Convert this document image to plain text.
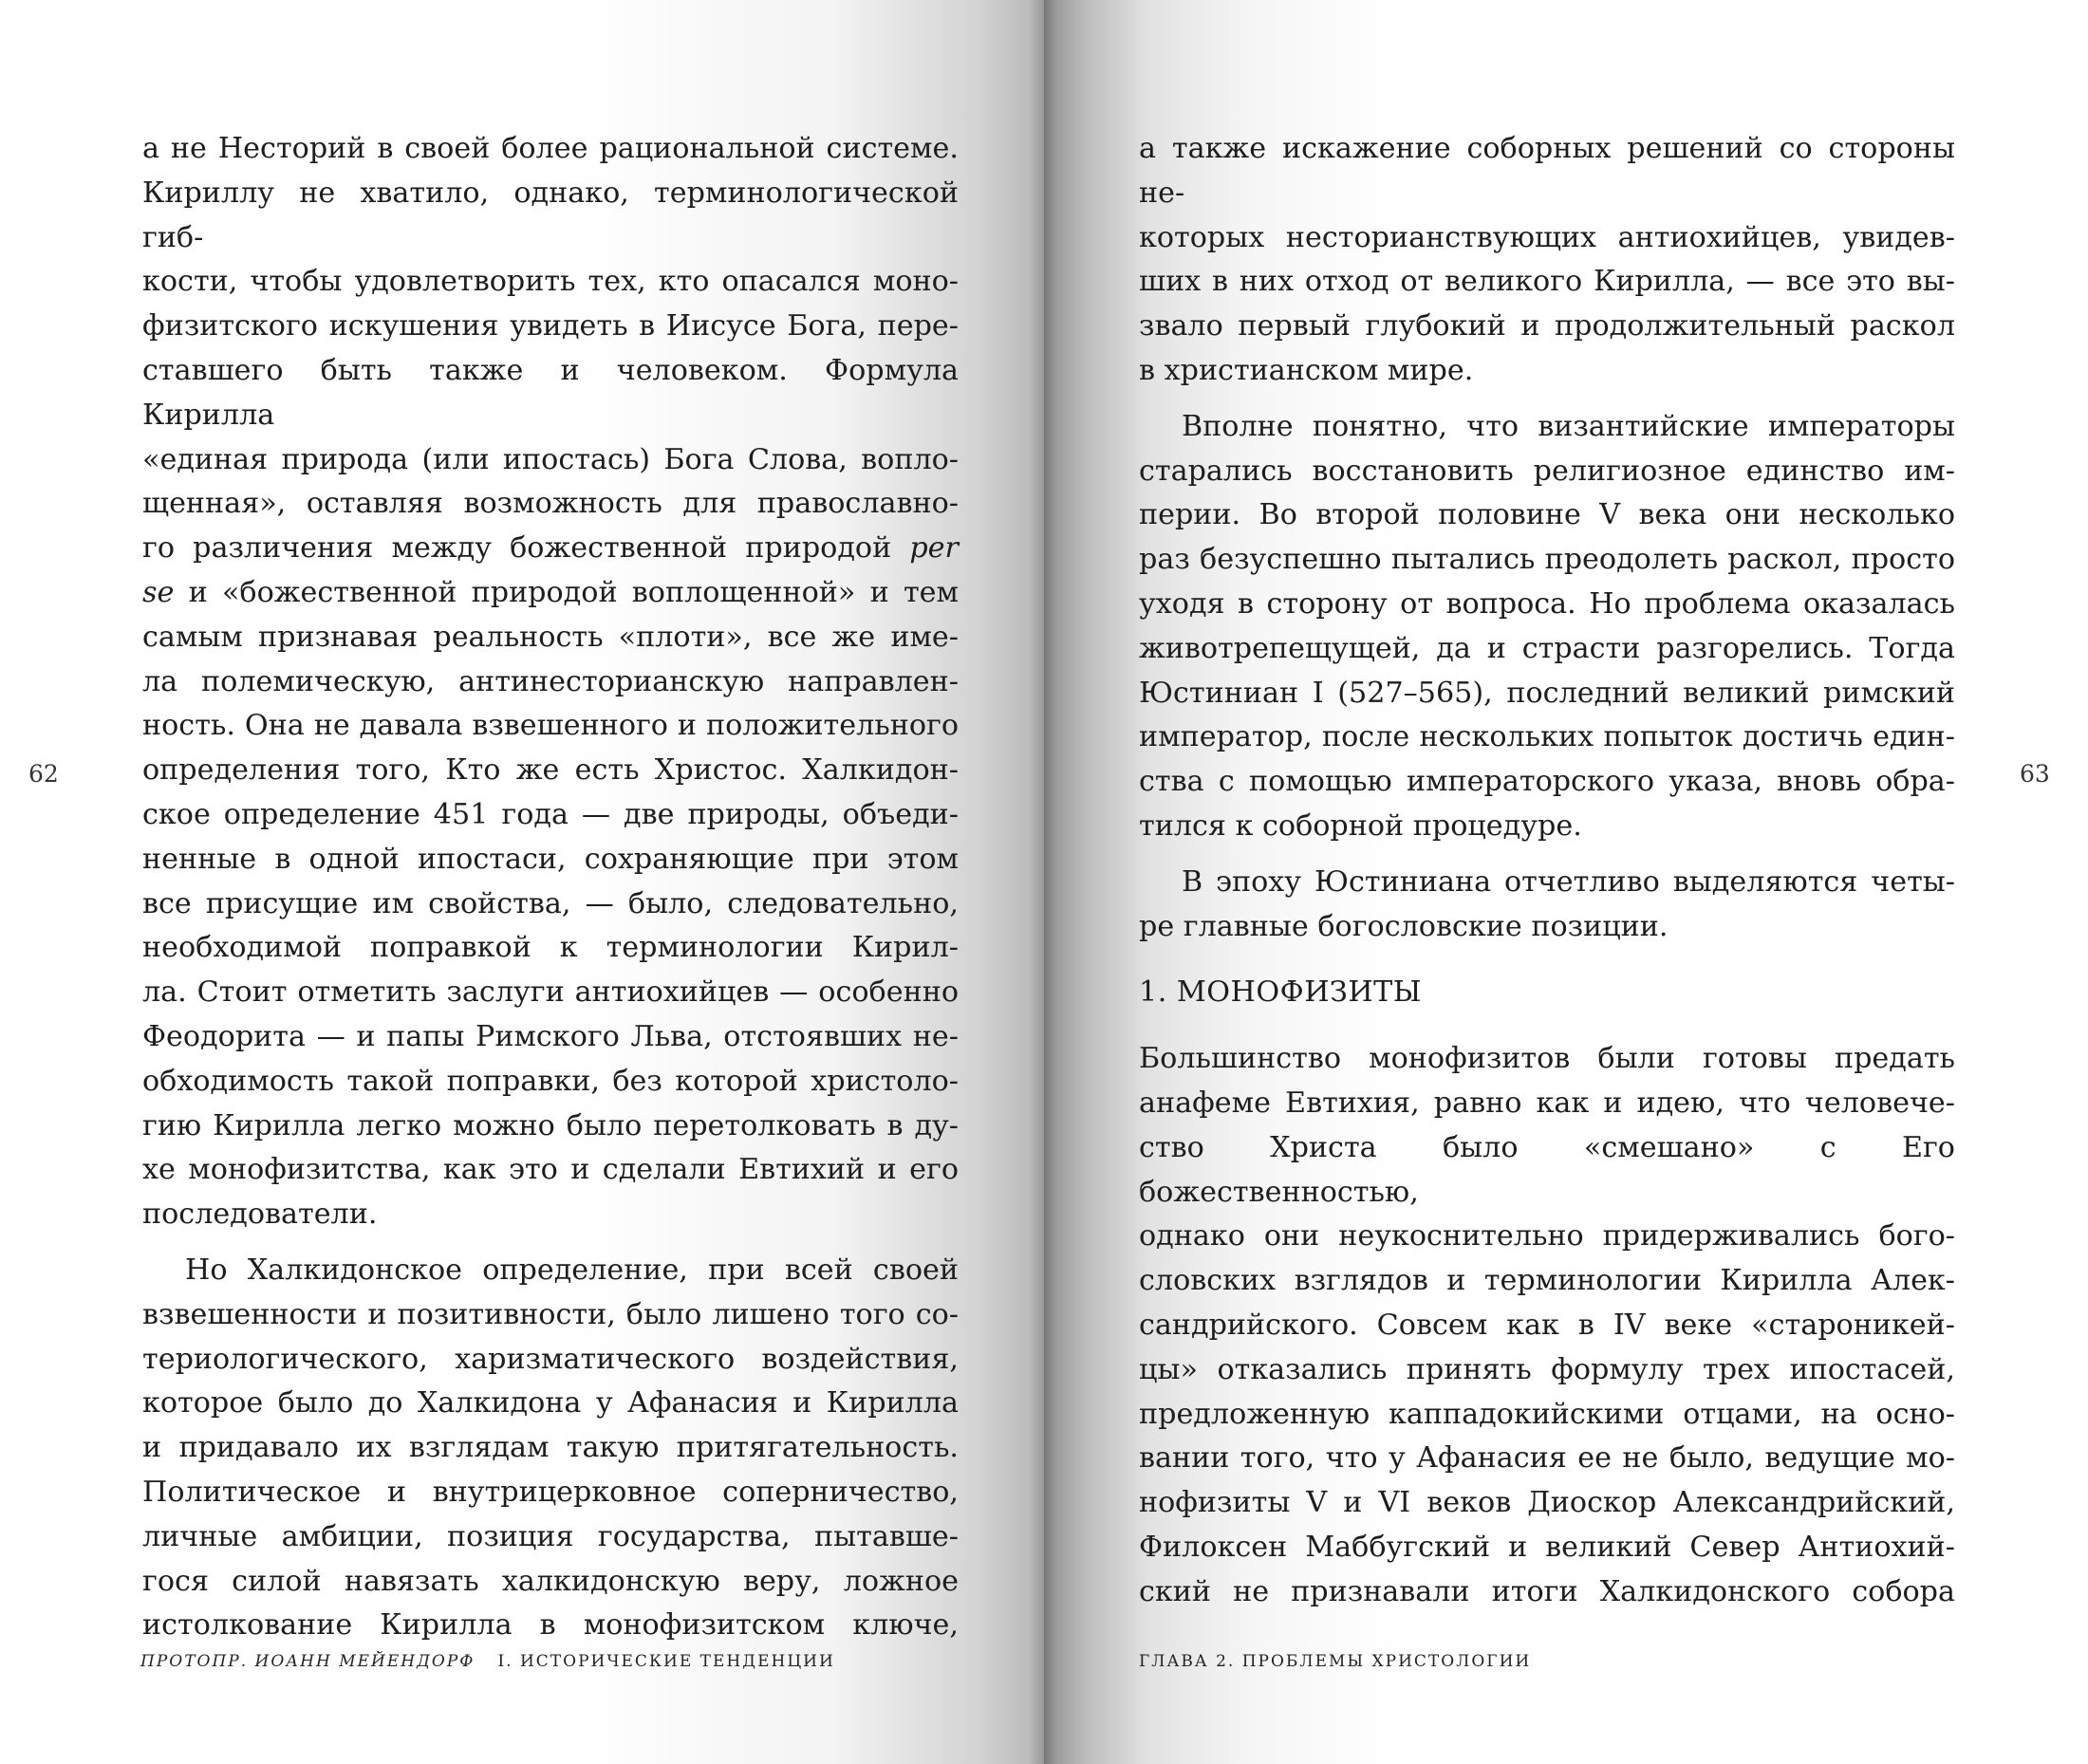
а не Несторий в своей более рациональной системе.

Кириллу не хватило, однако, терминологической гиб-

кости, чтобы удовлетворить тех, кто опасался моно-

физитского искушения увидеть в Иисусе Бога, пере-

ставшего быть также и человеком. Формула Кирилла

«единая природа (или ипостась) Бога Слова, вопло-

щенная», оставляя возможность для православно-

го различения между божественной природой per

se и «божественной природой воплощенной» и тем

самым признавая реальность «плоти», все же име-

ла полемическую, антинесторианскую направлен-

ность. Она не давала взвешенного и положительного

определения того, Кто же есть Христос. Халкидон-

ское определение 451 года — две природы, объеди-

ненные в одной ипостаси, сохраняющие при этом

все присущие им свойства, — было, следовательно,

необходимой поправкой к терминологии Кирил-

ла. Стоит отметить заслуги антиохийцев — особенно

Феодорита — и папы Римского Льва, отстоявших не-

обходимость такой поправки, без которой христоло-

гию Кирилла легко можно было перетолковать в ду-

хе монофизитства, как это и сделали Евтихий и его

последователи.

Но Халкидонское определение, при всей своей

взвешенности и позитивности, было лишено того со-

териологического, харизматического воздействия,

которое было до Халкидона у Афанасия и Кирилла

и придавало их взглядам такую притягательность.

Политическое и внутрицерковное соперничество,

личные амбиции, позиция государства, пытавше-

гося силой навязать халкидонскую веру, ложное

истолкование Кирилла в монофизитском ключе,

62
ПРОТОПР. ИОАНН МЕЙЕНДОРФ I. ИСТОРИЧЕСКИЕ ТЕНДЕНЦИИ

а также искажение соборных решений со стороны не-

которых несторианствующих антиохийцев, увидев-

ших в них отход от великого Кирилла, — все это вы-

звало первый глубокий и продолжительный раскол

в христианском мире.

Вполне понятно, что византийские императоры

старались восстановить религиозное единство им-

перии. Во второй половине V века они несколько

раз безуспешно пытались преодолеть раскол, просто

уходя в сторону от вопроса. Но проблема оказалась

животрепещущей, да и страсти разгорелись. Тогда

Юстиниан I (527–565), последний великий римский

император, после нескольких попыток достичь един-

ства с помощью императорского указа, вновь обра-

тился к соборной процедуре.

В эпоху Юстиниана отчетливо выделяются четы-

ре главные богословские позиции.

1. МОНОФИЗИТЫ

Большинство монофизитов были готовы предать

анафеме Евтихия, равно как и идею, что человече-

ство Христа было «смешано» с Его божественностью,

однако они неукоснительно придерживались бого-

словских взглядов и терминологии Кирилла Алек-

сандрийского. Совсем как в IV веке «староникей-

цы» отказались принять формулу трех ипостасей,

предложенную каппадокийскими отцами, на осно-

вании того, что у Афанасия ее не было, ведущие мо-

нофизиты V и VI веков Диоскор Александрийский,

Филоксен Маббугский и великий Север Антиохий-

ский не признавали итоги Халкидонского собора

63
ГЛАВА 2. ПРОБЛЕМЫ ХРИСТОЛОГИИ
